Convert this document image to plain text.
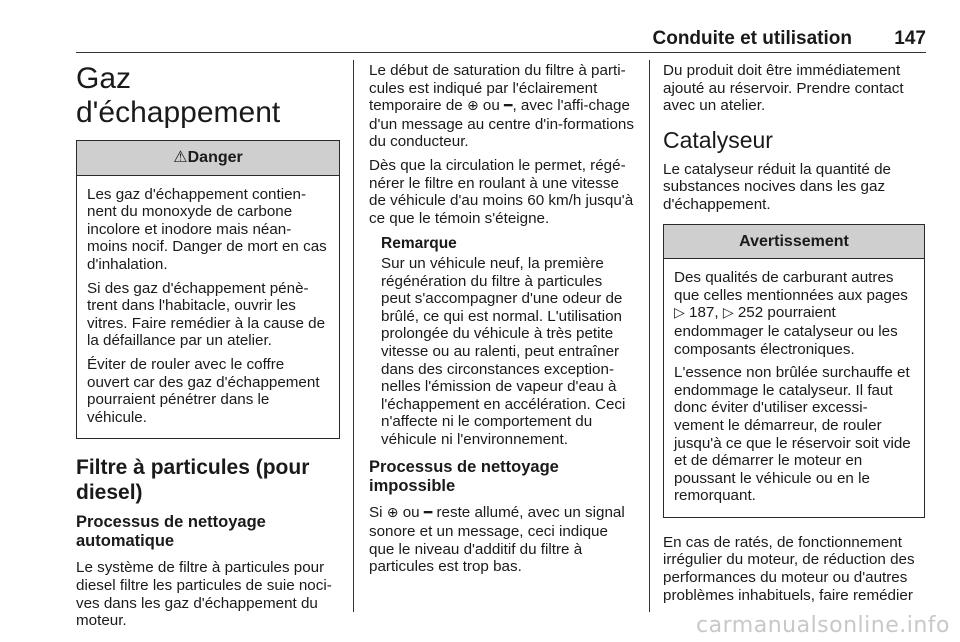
Conduite et utilisation 147
Gaz d'échappement
⚠Danger

Les gaz d'échappement contien-nent du monoxyde de carbone incolore et inodore mais néan-moins nocif. Danger de mort en cas d'inhalation.

Si des gaz d'échappement pénè-trent dans l'habitacle, ouvrir les vitres. Faire remédier à la cause de la défaillance par un atelier.

Éviter de rouler avec le coffre ouvert car des gaz d'échappement pourraient pénétrer dans le véhicule.

Filtre à particules (pour diesel)
Processus de nettoyage automatique

Le système de filtre à particules pour diesel filtre les particules de suie noci-ves dans les gaz d'échappement du moteur.

Le début de saturation du filtre à parti-cules est indiqué par l'éclairement temporaire de ⊕ ou ━, avec l'affi-chage d'un message au centre d'in-formations du conducteur.

Dès que la circulation le permet, régé-nérer le filtre en roulant à une vitesse de véhicule d'au moins 60 km/h jusqu'à ce que le témoin s'éteigne.

Remarque
Sur un véhicule neuf, la première régénération du filtre à particules peut s'accompagner d'une odeur de brûlé, ce qui est normal. L'utilisation prolongée du véhicule à très petite vitesse ou au ralenti, peut entraîner dans des circonstances exception-nelles l'émission de vapeur d'eau à l'échappement en accélération. Ceci n'affecte ni le comportement du véhicule ni l'environnement.
Processus de nettoyage impossible

Si ⊕ ou ━ reste allumé, avec un signal sonore et un message, ceci indique que le niveau d'additif du filtre à particules est trop bas.

Du produit doit être immédiatement ajouté au réservoir. Prendre contact avec un atelier.

Catalyseur

Le catalyseur réduit la quantité de substances nocives dans les gaz d'échappement.

Avertissement

Des qualités de carburant autres que celles mentionnées aux pages ▷ 187, ▷ 252 pourraient endommager le catalyseur ou les composants électroniques.

L'essence non brûlée surchauffe et endommage le catalyseur. Il faut donc éviter d'utiliser excessi-vement le démarreur, de rouler jusqu'à ce que le réservoir soit vide et de démarrer le moteur en poussant le véhicule ou en le remorquant.

En cas de ratés, de fonctionnement irrégulier du moteur, de réduction des performances du moteur ou d'autres problèmes inhabituels, faire remédier

carmanualsonline.info
